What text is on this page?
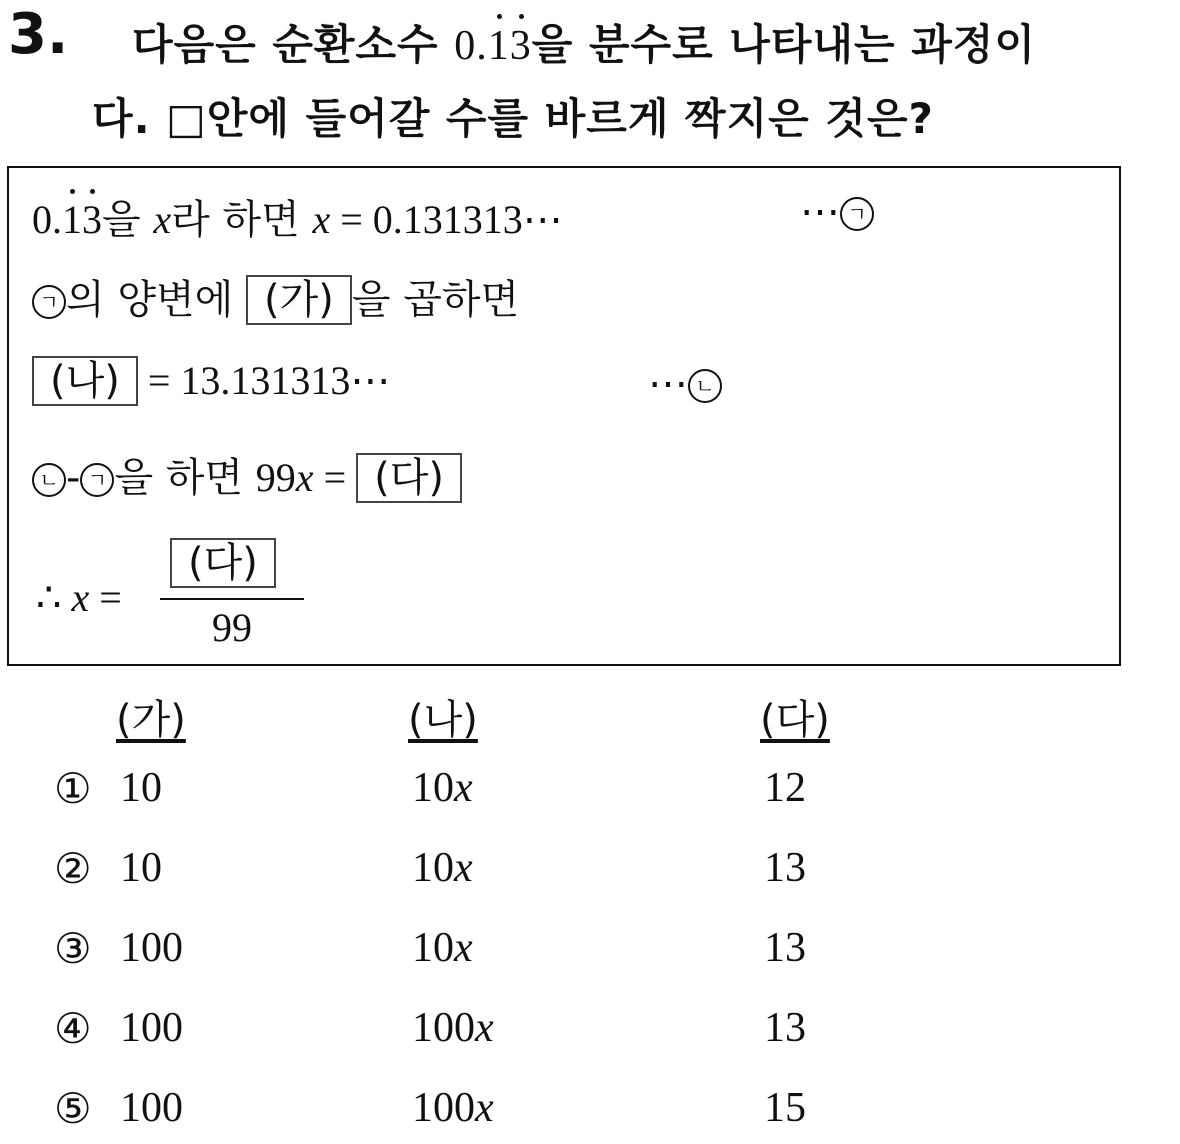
3. 다음은 순환소수 0.13을 분수로 나타내는 과정이
다. □안에 들어갈 수를 바르게 짝지은 것은?
0.13을 x라 하면 x = 0.131313⋯	⋯ ㄱ
ㄱ 의 양변에 (가) 을 곱하면
(나) = 13.131313⋯	⋯ ㄴ
ㄴ - ㄱ 을 하면 99x = (다)
∴ x =
(다)
99
(가)	(나)	(다)
① 10	10x	12
② 10	10x	13
③ 100	10x	13
④ 100	100x	13
⑤ 100	100x	15
